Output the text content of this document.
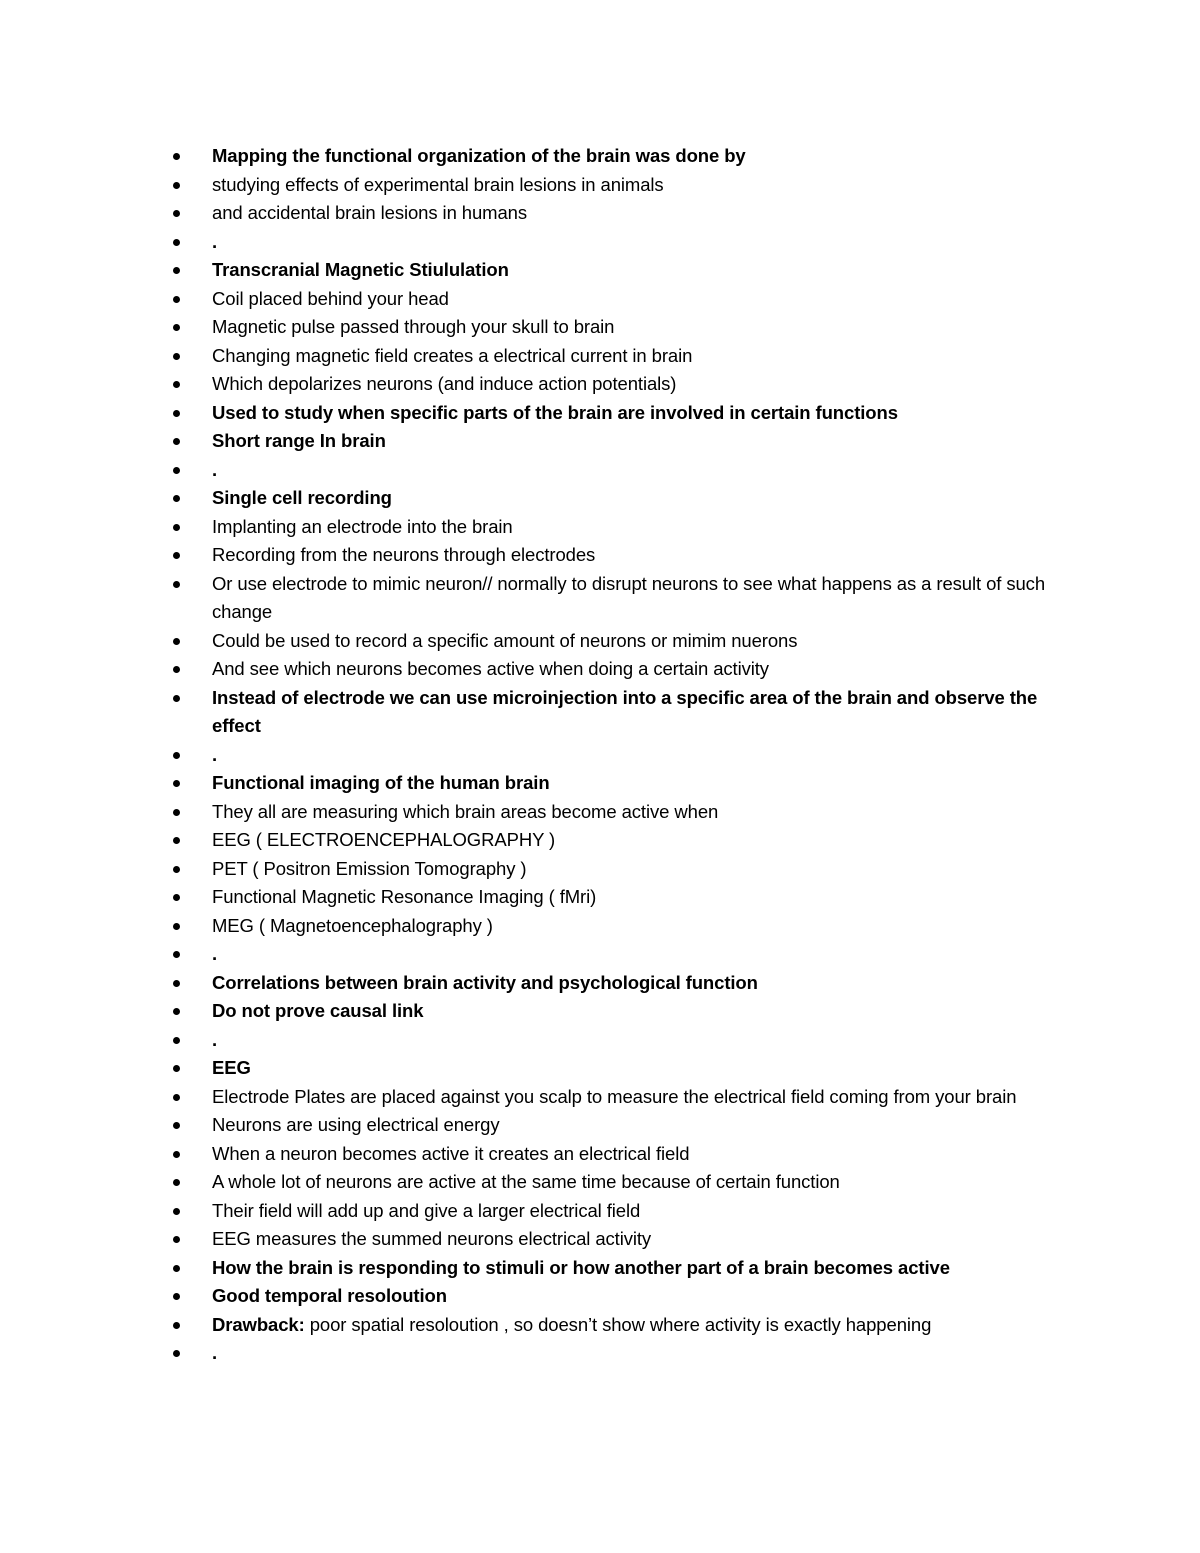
Mapping the functional organization of the brain was done by
studying effects of experimental brain lesions in animals
and accidental brain lesions in humans
.
Transcranial Magnetic Stiululation
Coil placed behind your head
Magnetic pulse passed through your skull to brain
Changing magnetic field creates a electrical current in brain
Which depolarizes neurons (and induce action potentials)
Used to study when specific parts of the brain are involved in certain functions
Short range In brain
.
Single cell recording
Implanting an electrode into the brain
Recording from the neurons through electrodes
Or use electrode to mimic neuron// normally to disrupt neurons to see what happens as a result of such change
Could be used to record a specific amount of neurons or mimim nuerons
And see which neurons becomes active when doing a certain activity
Instead of electrode we can use microinjection into a specific area of the brain and observe the effect
.
Functional imaging of the human brain
They all are measuring which brain areas become active when
EEG ( ELECTROENCEPHALOGRAPHY )
PET ( Positron Emission Tomography )
Functional Magnetic Resonance Imaging ( fMri)
MEG ( Magnetoencephalography )
.
Correlations between brain activity and psychological function
Do not prove causal link
.
EEG
Electrode Plates are placed against you scalp to measure the electrical field coming from your brain
Neurons are using electrical energy
When a neuron becomes active it creates an electrical field
A whole lot of neurons are active at the same time because of certain function
Their field will add up and give a larger electrical field
EEG measures the summed neurons electrical activity
How the brain is responding to stimuli or how another part of a brain becomes active
Good temporal resoloution
Drawback: poor spatial resoloution , so doesn’t show where activity is exactly happening
.
